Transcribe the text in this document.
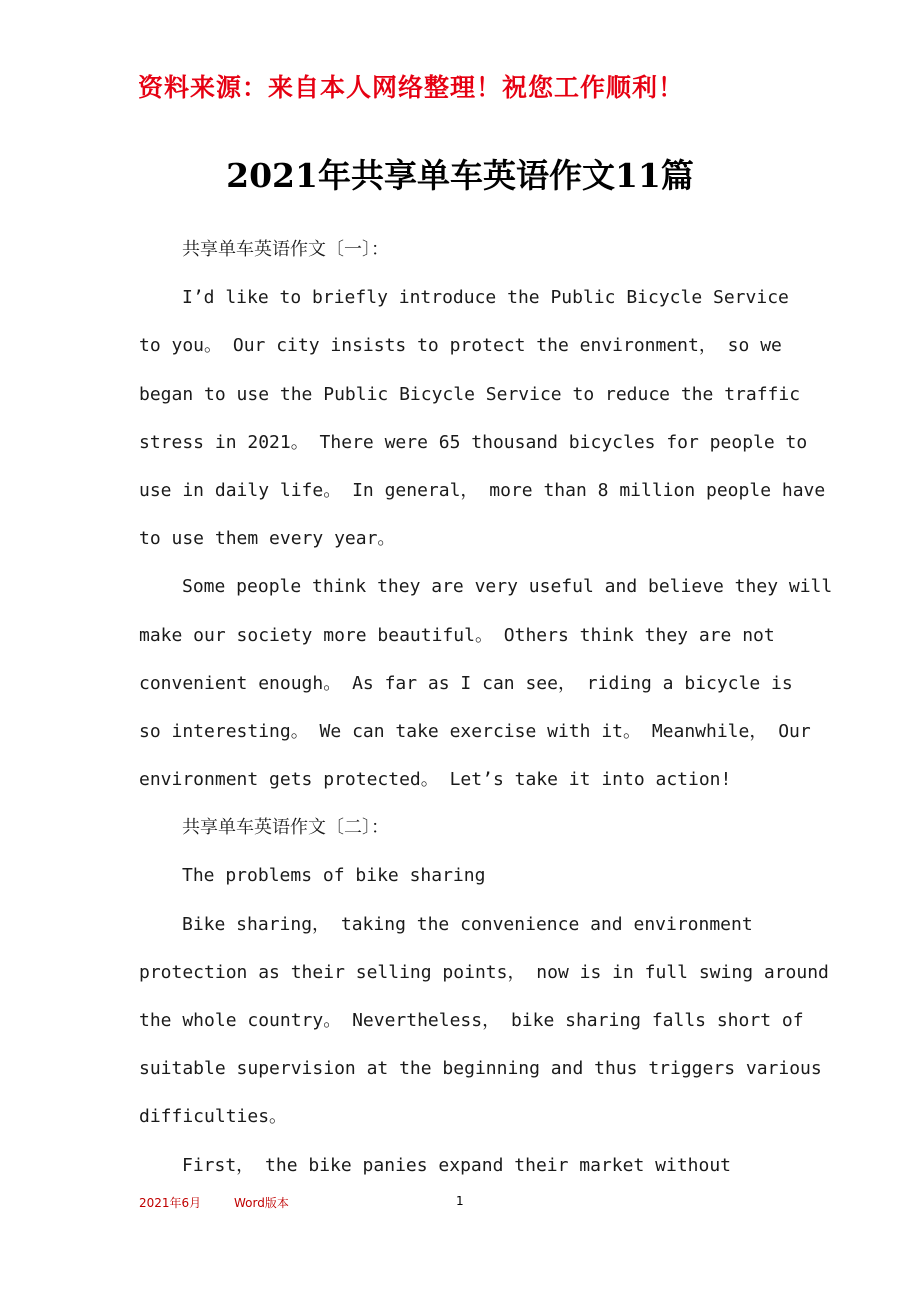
资料来源：来自本人网络整理！祝您工作顺利！
2021年共享单车英语作文11篇
共享单车英语作文〔一〕：
I’d like to briefly introduce the Public Bicycle Service
to you。 Our city insists to protect the environment， so we
began to use the Public Bicycle Service to reduce the traffic
stress in 2021。 There were 65 thousand bicycles for people to
use in daily life。 In general， more than 8 million people have
to use them every year。
Some people think they are very useful and believe they will
make our society more beautiful。 Others think they are not
convenient enough。 As far as I can see， riding a bicycle is
so interesting。 We can take exercise with it。 Meanwhile， Our
environment gets protected。 Let’s take it into action!
共享单车英语作文〔二〕：
The problems of bike sharing
Bike sharing， taking the convenience and environment
protection as their selling points， now is in full swing around
the whole country。 Nevertheless， bike sharing falls short of
suitable supervision at the beginning and thus triggers various
difficulties。
First， the bike panies expand their market without
2021年6月	Word版本	1
